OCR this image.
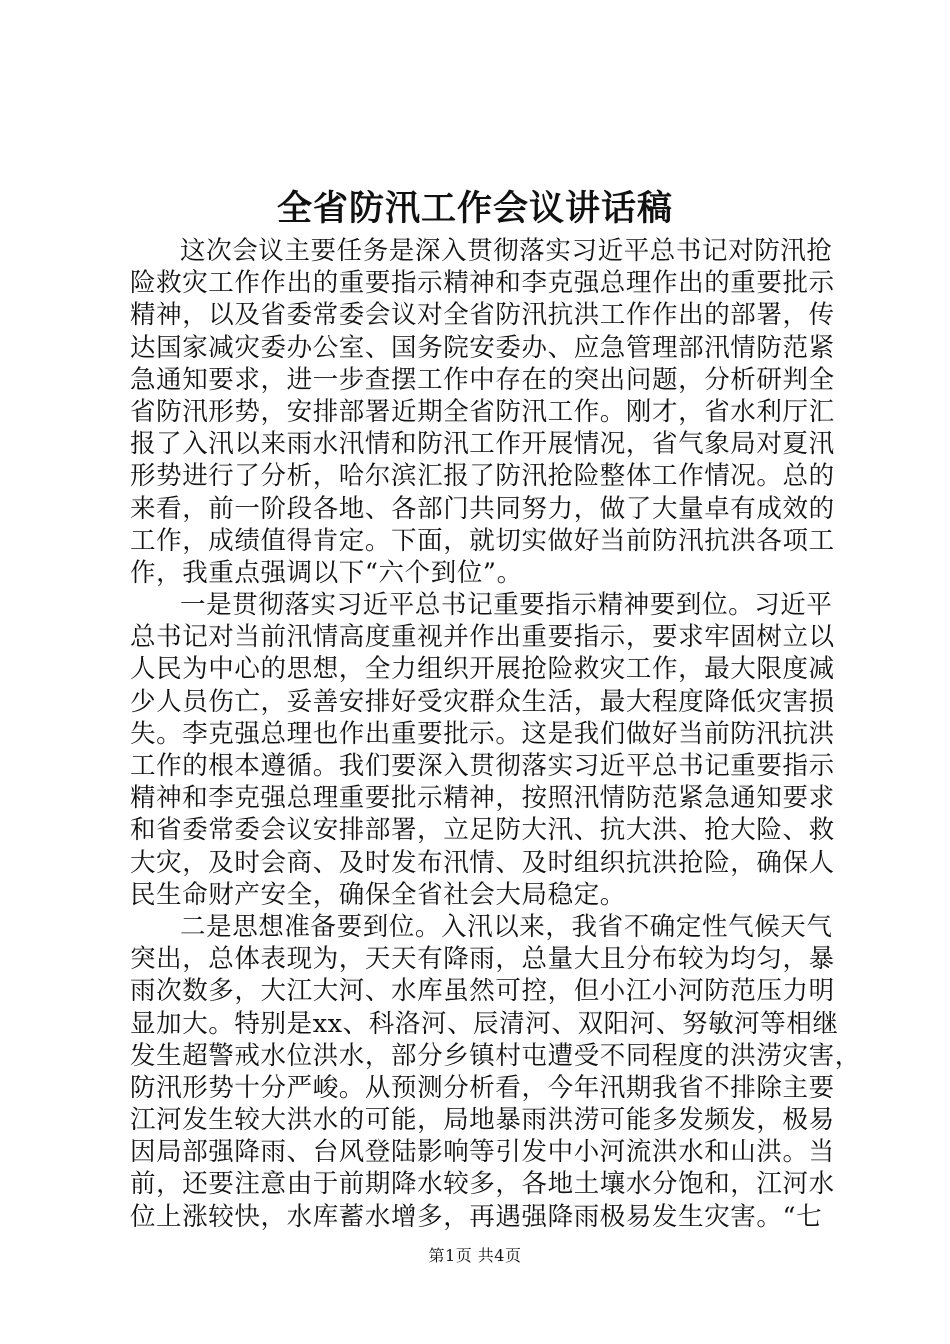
全省防汛工作会议讲话稿
这次会议主要任务是深入贯彻落实习近平总书记对防汛抢
险救灾工作作出的重要指示精神和李克强总理作出的重要批示
精神，以及省委常委会议对全省防汛抗洪工作作出的部署，传
达国家减灾委办公室、国务院安委办、应急管理部汛情防范紧
急通知要求，进一步查摆工作中存在的突出问题，分析研判全
省防汛形势，安排部署近期全省防汛工作。刚才，省水利厅汇
报了入汛以来雨水汛情和防汛工作开展情况，省气象局对夏汛
形势进行了分析，哈尔滨汇报了防汛抢险整体工作情况。总的
来看，前一阶段各地、各部门共同努力，做了大量卓有成效的
工作，成绩值得肯定。下面，就切实做好当前防汛抗洪各项工
作，我重点强调以下“六个到位”。
一是贯彻落实习近平总书记重要指示精神要到位。习近平
总书记对当前汛情高度重视并作出重要指示，要求牢固树立以
人民为中心的思想，全力组织开展抢险救灾工作，最大限度减
少人员伤亡，妥善安排好受灾群众生活，最大程度降低灾害损
失。李克强总理也作出重要批示。这是我们做好当前防汛抗洪
工作的根本遵循。我们要深入贯彻落实习近平总书记重要指示
精神和李克强总理重要批示精神，按照汛情防范紧急通知要求
和省委常委会议安排部署，立足防大汛、抗大洪、抢大险、救
大灾，及时会商、及时发布汛情、及时组织抗洪抢险，确保人
民生命财产安全，确保全省社会大局稳定。
二是思想准备要到位。入汛以来，我省不确定性气候天气
突出，总体表现为，天天有降雨，总量大且分布较为均匀，暴
雨次数多，大江大河、水库虽然可控，但小江小河防范压力明
显加大。特别是xx、科洛河、辰清河、双阳河、努敏河等相继
发生超警戒水位洪水，部分乡镇村屯遭受不同程度的洪涝灾害，
防汛形势十分严峻。从预测分析看，今年汛期我省不排除主要
江河发生较大洪水的可能，局地暴雨洪涝可能多发频发，极易
因局部强降雨、台风登陆影响等引发中小河流洪水和山洪。当
前，还要注意由于前期降水较多，各地土壤水分饱和，江河水
位上涨较快，水库蓄水增多，再遇强降雨极易发生灾害。“七
第1页 共4页
